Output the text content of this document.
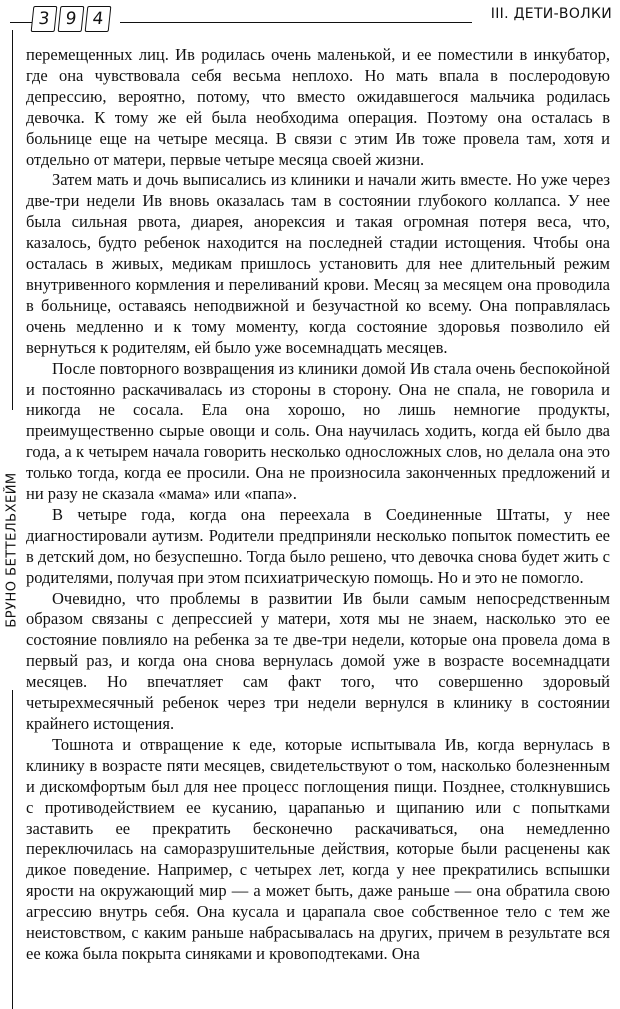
3 9 4	III. ДЕТИ-ВОЛКИ
БРУНО БЕТТЕЛЬХЕЙМ

перемещенных лиц. Ив родилась очень маленькой, и ее поместили в инкубатор, где она чувствовала себя весьма неплохо. Но мать впала в послеродовую депрессию, вероятно, потому, что вместо ожидавшегося мальчика родилась девочка. К тому же ей была необходима операция. Поэтому она осталась в больнице еще на четыре месяца. В связи с этим Ив тоже провела там, хотя и отдельно от матери, первые четыре месяца своей жизни.

Затем мать и дочь выписались из клиники и начали жить вместе. Но уже через две-три недели Ив вновь оказалась там в состоянии глубокого коллапса. У нее была сильная рвота, диарея, анорексия и такая огромная потеря веса, что, казалось, будто ребенок находится на последней стадии истощения. Чтобы она осталась в живых, медикам пришлось установить для нее длительный режим внутривенного кормления и переливаний крови. Месяц за месяцем она проводила в больнице, оставаясь неподвижной и безучастной ко всему. Она поправлялась очень медленно и к тому моменту, когда состояние здоровья позволило ей вернуться к родителям, ей было уже восемнадцать месяцев.

После повторного возвращения из клиники домой Ив стала очень беспокойной и постоянно раскачивалась из стороны в сторону. Она не спала, не говорила и никогда не сосала. Ела она хорошо, но лишь немногие продукты, преимущественно сырые овощи и соль. Она научилась ходить, когда ей было два года, а к четырем начала говорить несколько односложных слов, но делала она это только тогда, когда ее просили. Она не произносила законченных предложений и ни разу не сказала «мама» или «папа».

В четыре года, когда она переехала в Соединенные Штаты, у нее диагностировали аутизм. Родители предприняли несколько попыток поместить ее в детский дом, но безуспешно. Тогда было решено, что девочка снова будет жить с родителями, получая при этом психиатрическую помощь. Но и это не помогло.

Очевидно, что проблемы в развитии Ив были самым непосредственным образом связаны с депрессией у матери, хотя мы не знаем, насколько это ее состояние повлияло на ребенка за те две-три недели, которые она провела дома в первый раз, и когда она снова вернулась домой уже в возрасте восемнадцати месяцев. Но впечатляет сам факт того, что совершенно здоровый четырехмесячный ребенок через три недели вернулся в клинику в состоянии крайнего истощения.

Тошнота и отвращение к еде, которые испытывала Ив, когда вернулась в клинику в возрасте пяти месяцев, свидетельствуют о том, насколько болезненным и дискомфортым был для нее процесс поглощения пищи. Позднее, столкнувшись с противодействием ее кусанию, царапанью и щипанию или с попытками заставить ее прекратить бесконечно раскачиваться, она немедленно переключилась на саморазрушительные действия, которые были расценены как дикое поведение. Например, с четырех лет, когда у нее прекратились вспышки ярости на окружающий мир — а может быть, даже раньше — она обратила свою агрессию внутрь себя. Она кусала и царапала свое собственное тело с тем же неистовством, с каким раньше набрасывалась на других, причем в результате вся ее кожа была покрыта синяками и кровоподтеками. Она
